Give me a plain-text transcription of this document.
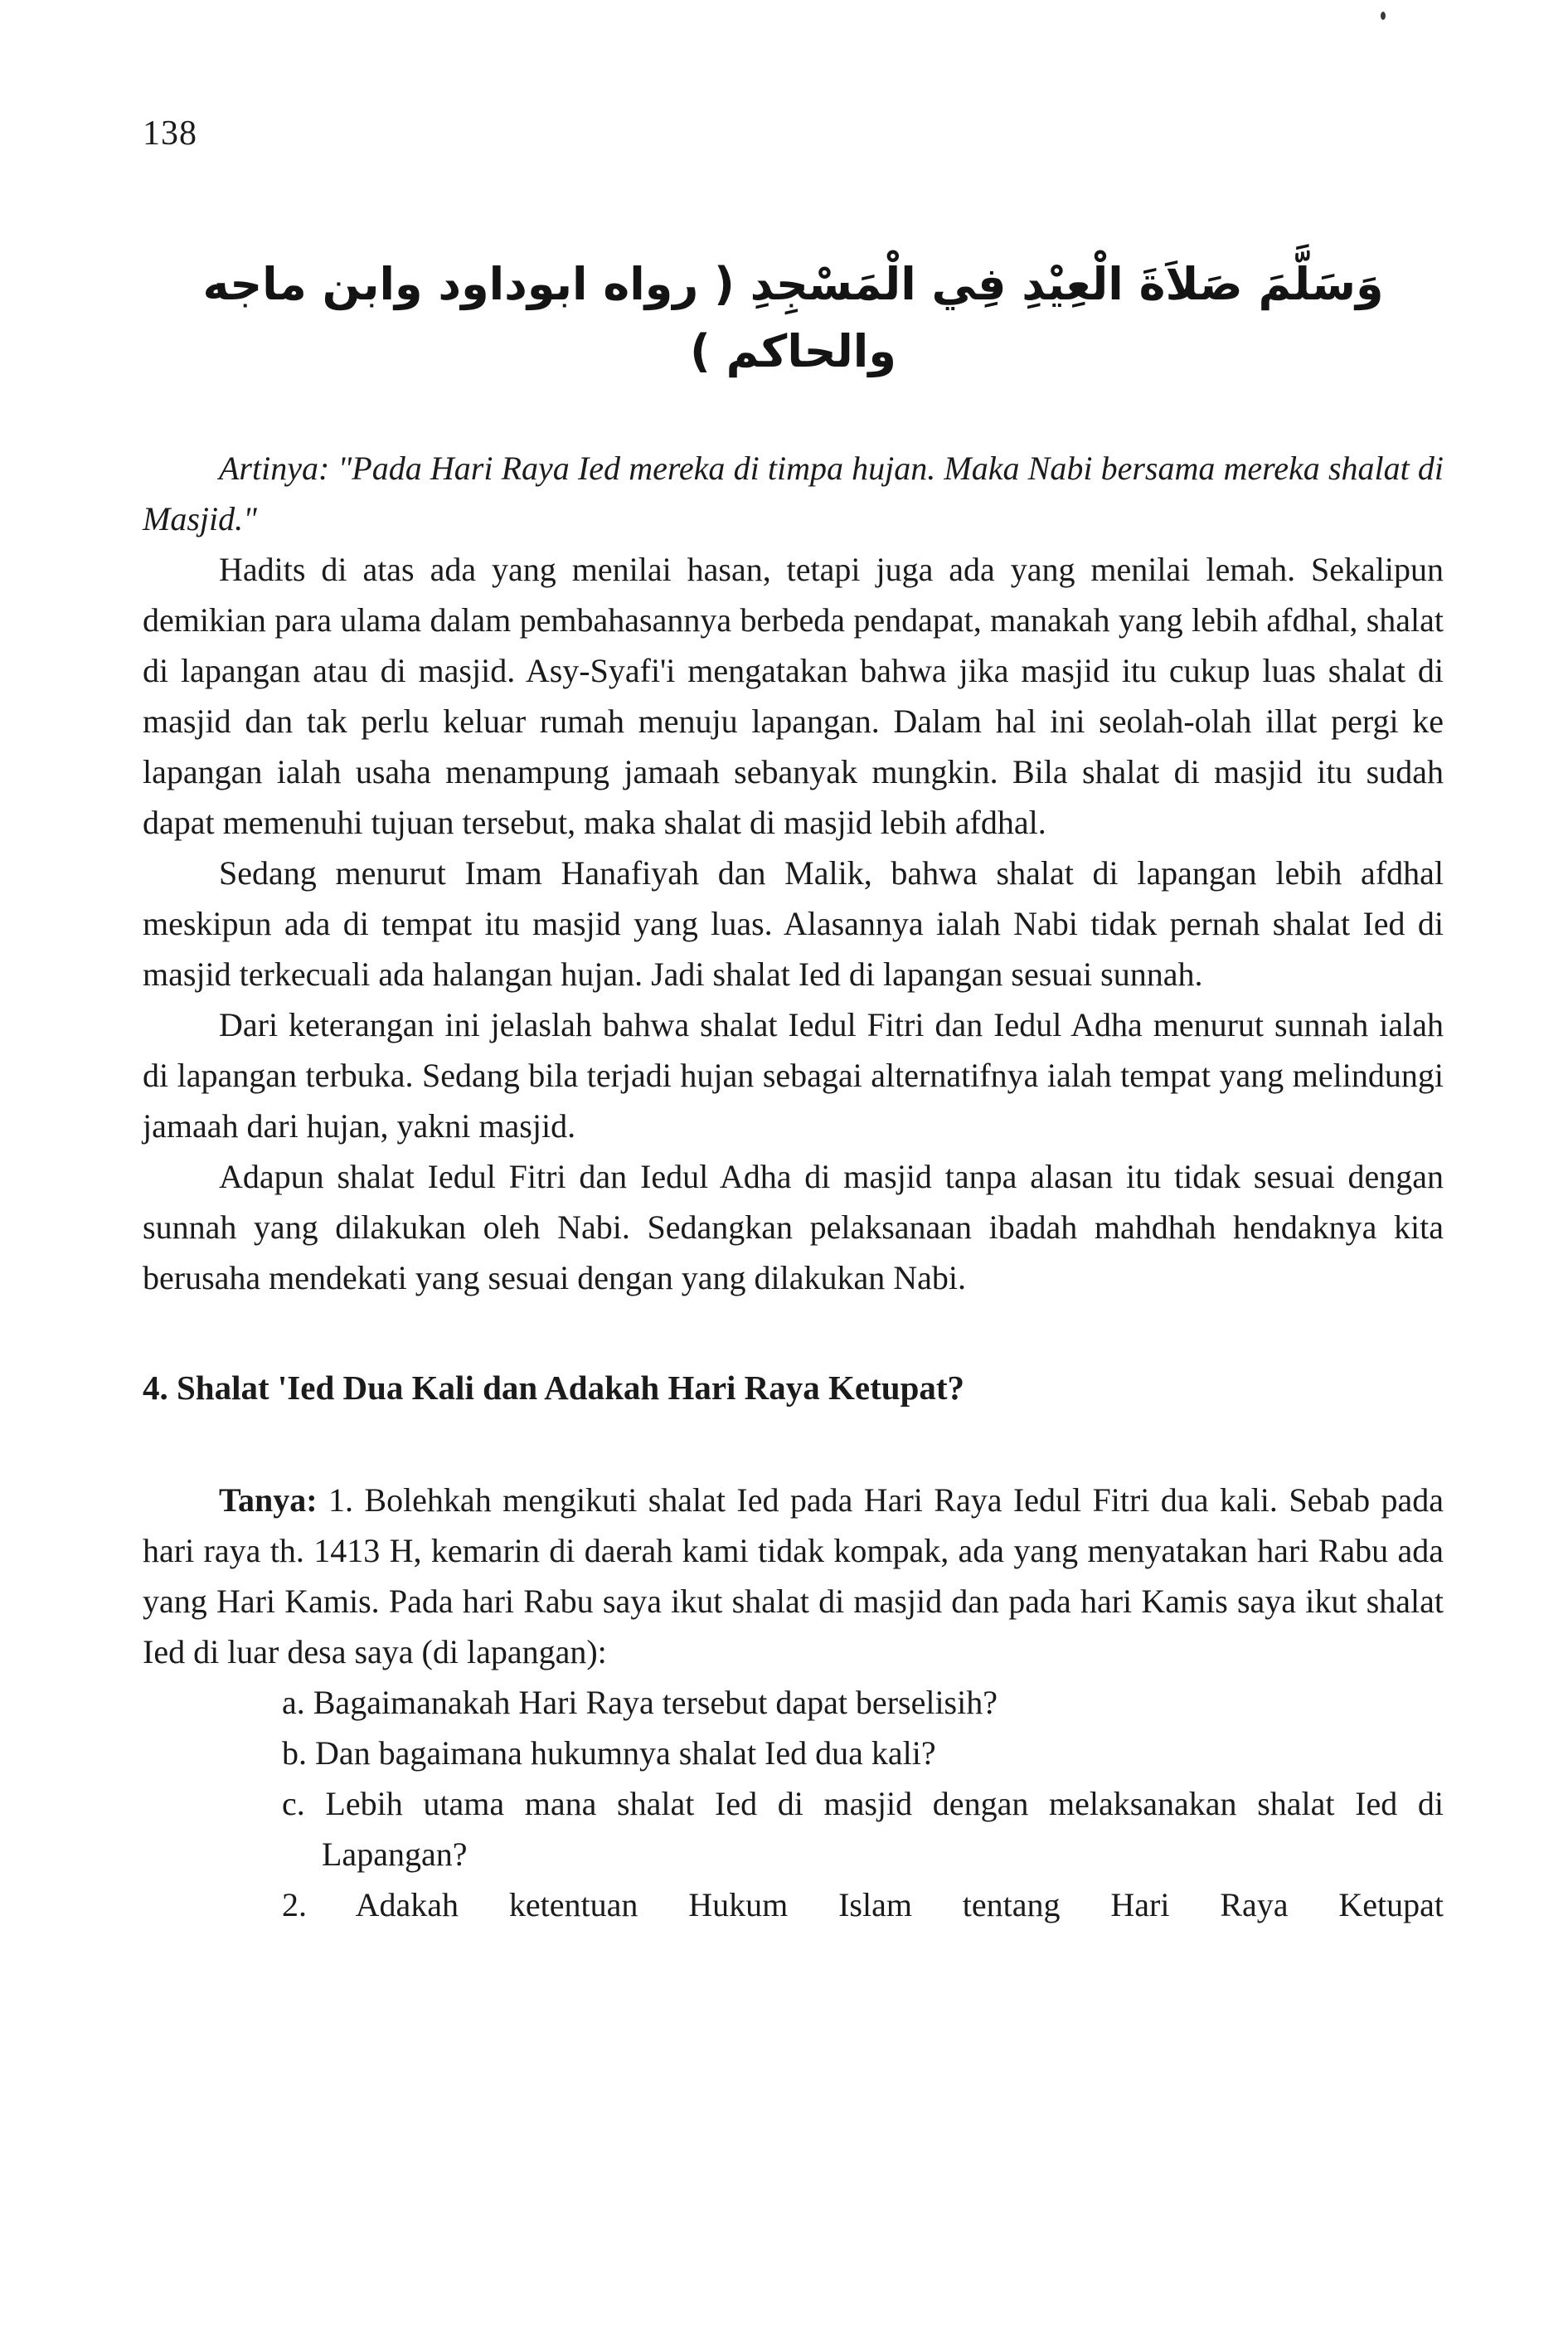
138
وَسَلَّمَ صَلاَةَ الْعِيْدِ فِي الْمَسْجِدِ ( رواه ابوداود وابن ماجه والحاكم )

Artinya: "Pada Hari Raya Ied mereka di timpa hujan. Maka Nabi bersama mereka shalat di Masjid."

Hadits di atas ada yang menilai hasan, tetapi juga ada yang menilai lemah. Sekalipun demikian para ulama dalam pembahasannya berbeda pendapat, manakah yang lebih afdhal, shalat di lapangan atau di masjid. Asy-Syafi'i mengatakan bahwa jika masjid itu cukup luas shalat di masjid dan tak perlu keluar rumah menuju lapangan. Dalam hal ini seolah-olah illat pergi ke lapangan ialah usaha menampung jamaah sebanyak mungkin. Bila shalat di masjid itu sudah dapat memenuhi tujuan tersebut, maka shalat di masjid lebih afdhal.

Sedang menurut Imam Hanafiyah dan Malik, bahwa shalat di lapangan lebih afdhal meskipun ada di tempat itu masjid yang luas. Alasannya ialah Nabi tidak pernah shalat Ied di masjid terkecuali ada halangan hujan. Jadi shalat Ied di lapangan sesuai sunnah.

Dari keterangan ini jelaslah bahwa shalat Iedul Fitri dan Iedul Adha menurut sunnah ialah di lapangan terbuka. Sedang bila terjadi hujan sebagai alternatifnya ialah tempat yang melindungi jamaah dari hujan, yakni masjid.

Adapun shalat Iedul Fitri dan Iedul Adha di masjid tanpa alasan itu tidak sesuai dengan sunnah yang dilakukan oleh Nabi. Sedangkan pelaksanaan ibadah mahdhah hendaknya kita berusaha mendekati yang sesuai dengan yang dilakukan Nabi.

4. Shalat 'Ied Dua Kali dan Adakah Hari Raya Ketupat?

Tanya: 1. Bolehkah mengikuti shalat Ied pada Hari Raya Iedul Fitri dua kali. Sebab pada hari raya th. 1413 H, kemarin di daerah kami tidak kompak, ada yang menyatakan hari Rabu ada yang Hari Kamis. Pada hari Rabu saya ikut shalat di masjid dan pada hari Kamis saya ikut shalat Ied di luar desa saya (di lapangan):

a. Bagaimanakah Hari Raya tersebut dapat berselisih?

b. Dan bagaimana hukumnya shalat Ied dua kali?

c. Lebih utama mana shalat Ied di masjid dengan melaksanakan shalat Ied di Lapangan?

2. Adakah ketentuan Hukum Islam tentang Hari Raya Ketupat
